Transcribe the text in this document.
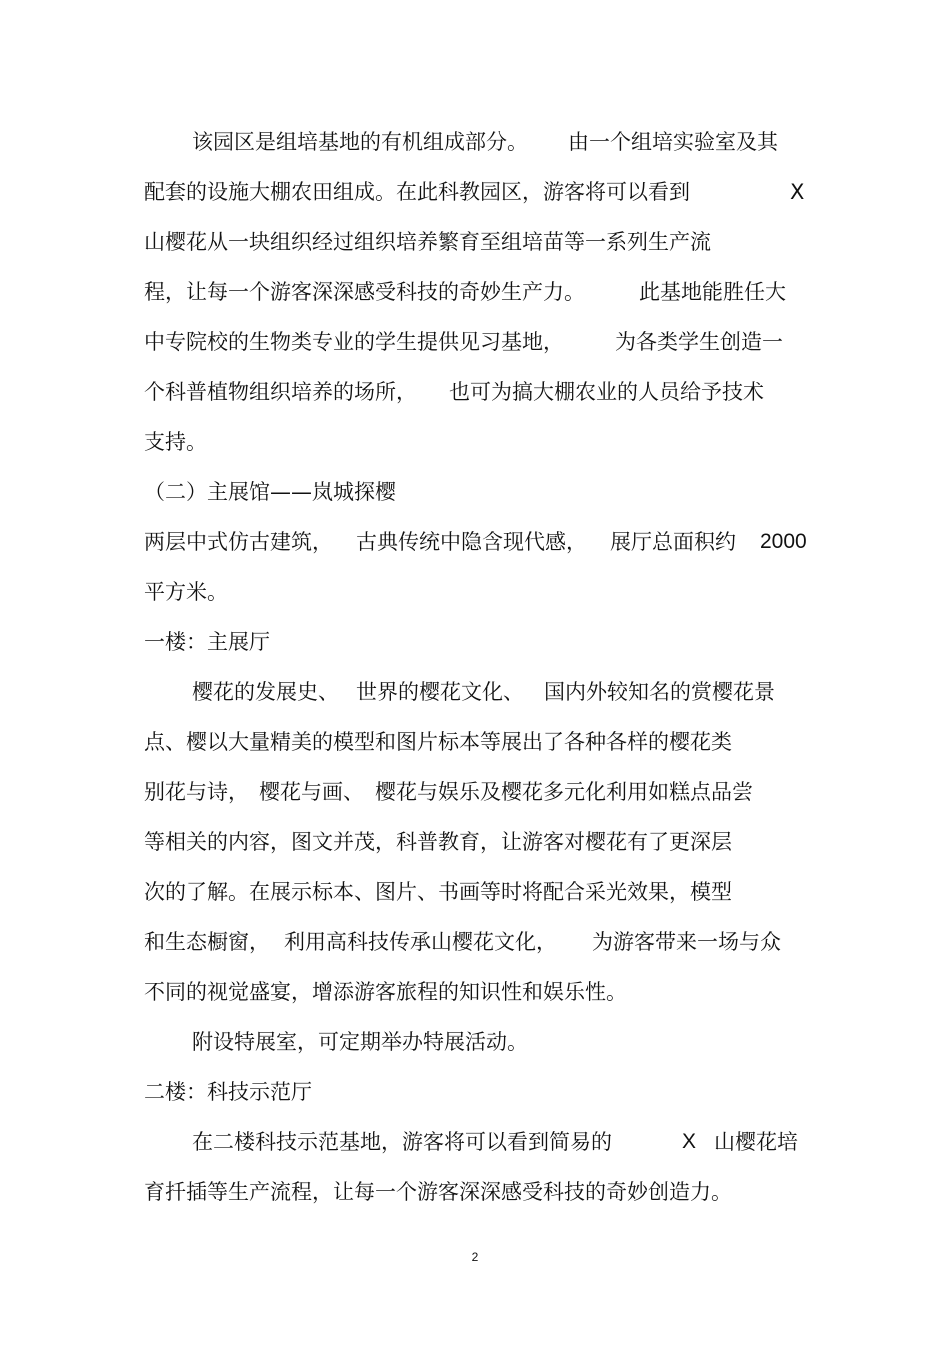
该园区是组培基地的有机组成部分。 由一个组培实验室及其
配套的设施大棚农田组成。在此科教园区，游客将可以看到	X
山樱花从一块组织经过组织培养繁育至组培苗等一系列生产流
程，让每一个游客深深感受科技的奇妙生产力。	此基地能胜任大
中专院校的生物类专业的学生提供见习基地， 为各类学生创造一
个科普植物组织培养的场所， 也可为搞大棚农业的人员给予技术
支持。
（二）主展馆——岚城探樱
两层中式仿古建筑， 古典传统中隐含现代感， 展厅总面积约 2000
平方米。
一楼：主展厅
樱花的发展史、 世界的樱花文化、 国内外较知名的赏樱花景
点、樱以大量精美的模型和图片标本等展出了各种各样的樱花类
别花与诗， 樱花与画、 樱花与娱乐及樱花多元化利用如糕点品尝
等相关的内容，图文并茂，科普教育，让游客对樱花有了更深层
次的了解。在展示标本、图片、书画等时将配合采光效果，模型
和生态橱窗， 利用高科技传承山樱花文化， 为游客带来一场与众
不同的视觉盛宴，增添游客旅程的知识性和娱乐性。
附设特展室，可定期举办特展活动。
二楼：科技示范厅
在二楼科技示范基地，游客将可以看到简易的	X 山樱花培
育扦插等生产流程，让每一个游客深深感受科技的奇妙创造力。
2
